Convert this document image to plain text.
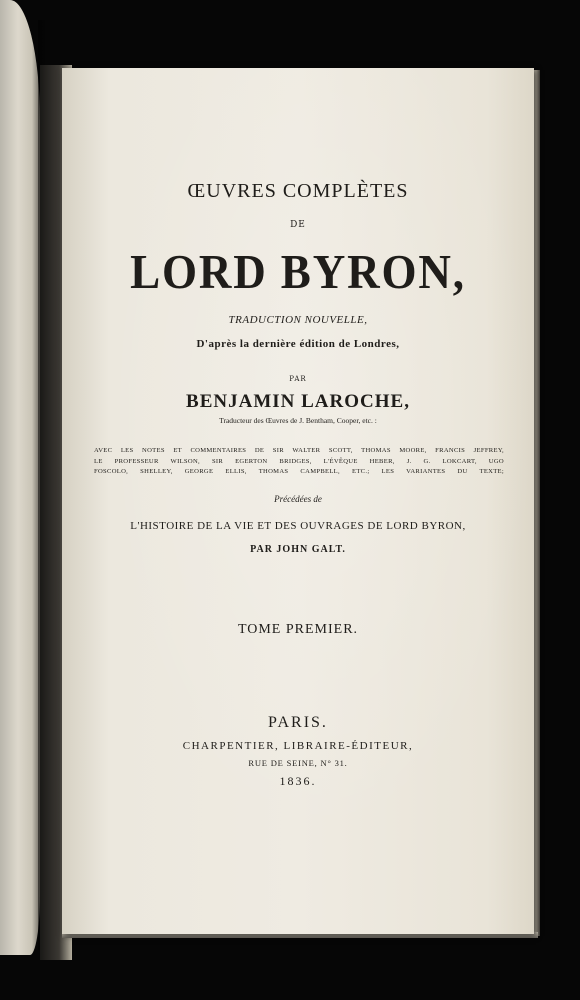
ŒUVRES COMPLÈTES
DE
LORD BYRON,
TRADUCTION NOUVELLE,
D'après la dernière édition de Londres,
PAR
BENJAMIN LAROCHE,
Traducteur des Œuvres de J. Bentham, Cooper, etc. :
AVEC LES NOTES ET COMMENTAIRES DE SIR WALTER SCOTT, THOMAS MOORE, FRANCIS JEFFREY,
LE PROFESSEUR WILSON, SIR EGERTON BRIDGES, L'ÉVÊQUE HEBER, J. G. LOKCART, UGO
FOSCOLO, SHELLEY, GEORGE ELLIS, THOMAS CAMPBELL, ETC.; LES VARIANTES DU TEXTE;
Précédées de
L'HISTOIRE DE LA VIE ET DES OUVRAGES DE LORD BYRON,
PAR JOHN GALT.
TOME PREMIER.
PARIS.
CHARPENTIER, LIBRAIRE-ÉDITEUR,
RUE DE SEINE, N° 31.
1836.
